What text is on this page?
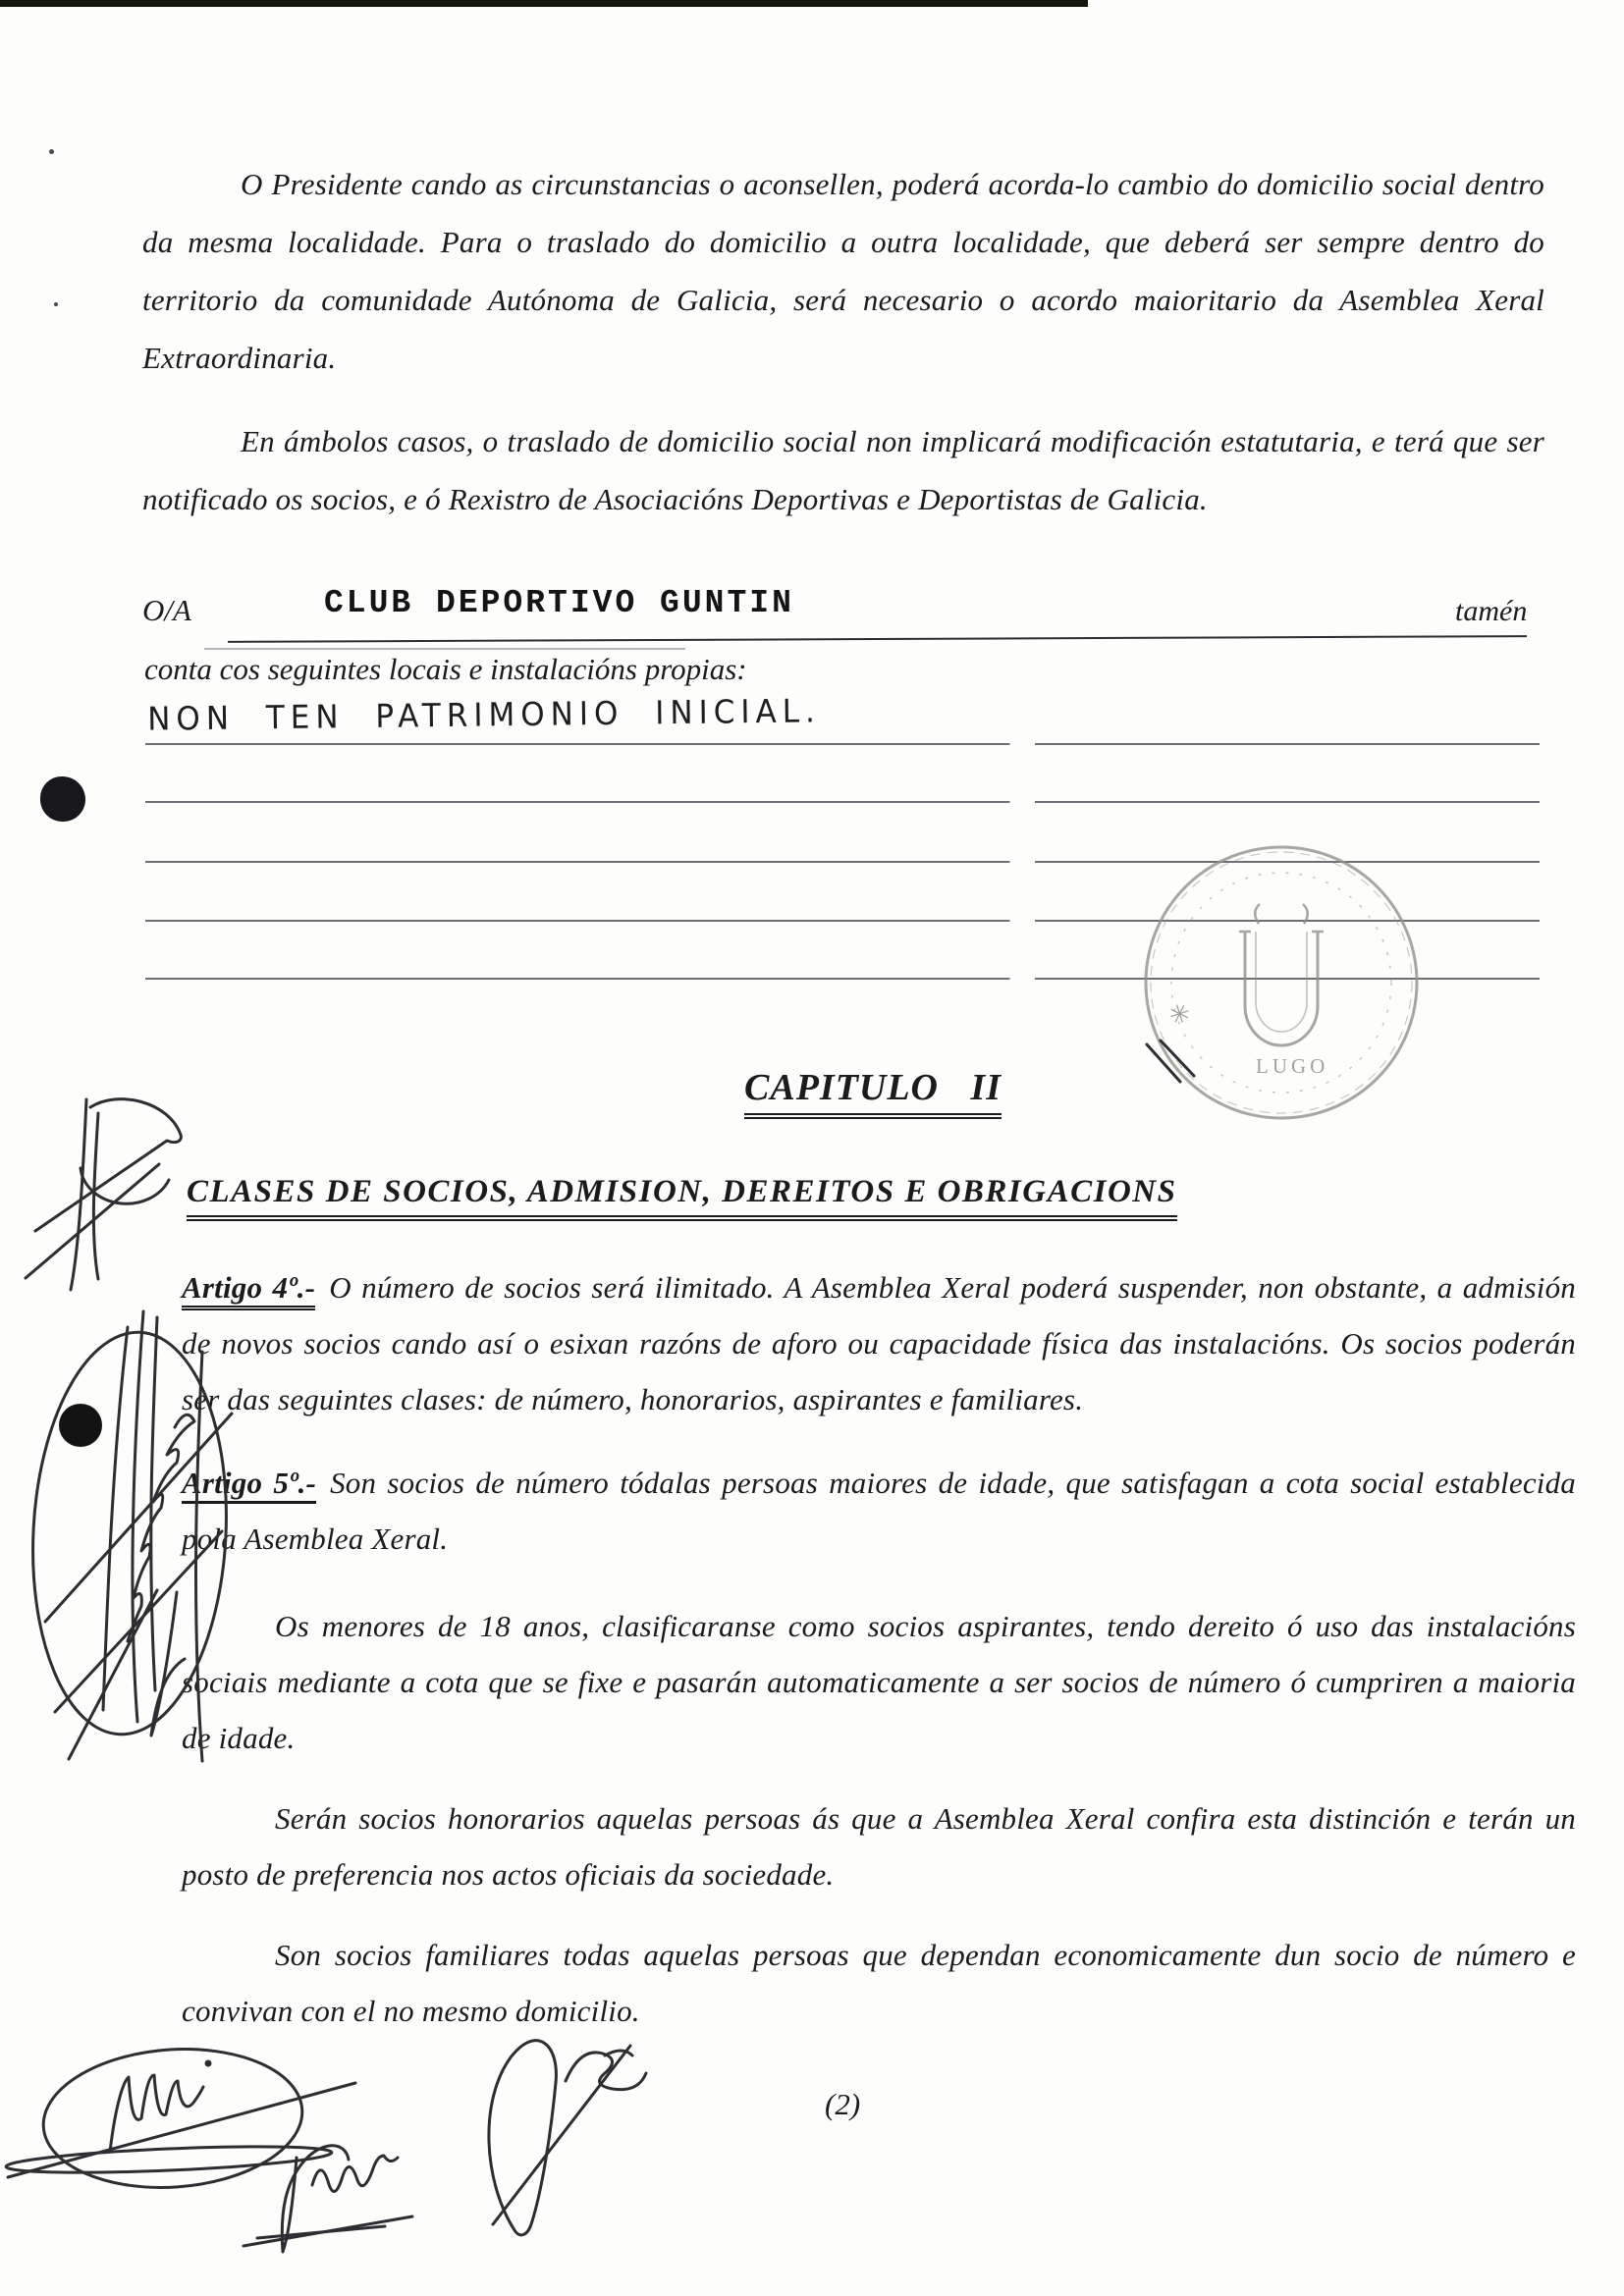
O Presidente cando as circunstancias o aconsellen, poderá acorda-lo cambio do domicilio social dentro da mesma localidade. Para o traslado do domicilio a outra localidade, que deberá ser sempre dentro do territorio da comunidade Autónoma de Galicia, será necesario o acordo maioritario da Asemblea Xeral Extraordinaria.
En ámbolos casos, o traslado de domicilio social non implicará modificación estatutaria, e terá que ser notificado os socios, e ó Rexistro de Asociacións Deportivas e Deportistas de Galicia.
O/A	CLUB DEPORTIVO GUNTIN	tamén
conta cos seguintes locais e instalacións propias:
NON TEN PATRIMONIO INICIAL.
✳
LUGO
CAPITULO II
CLASES DE SOCIOS, ADMISION, DEREITOS E OBRIGACIONS
Artigo 4º.- O número de socios será ilimitado. A Asemblea Xeral poderá suspender, non obstante, a admisión de novos socios cando así o esixan razóns de aforo ou capacidade física das instalacións. Os socios poderán ser das seguintes clases: de número, honorarios, aspirantes e familiares.
Artigo 5º.- Son socios de número tódalas persoas maiores de idade, que satisfagan a cota social establecida pola Asemblea Xeral.
Os menores de 18 anos, clasificaranse como socios aspirantes, tendo dereito ó uso das instalacións sociais mediante a cota que se fixe e pasarán automaticamente a ser socios de número ó cumpriren a maioria de idade.
Serán socios honorarios aquelas persoas ás que a Asemblea Xeral confira esta distinción e terán un posto de preferencia nos actos oficiais da sociedade.
Son socios familiares todas aquelas persoas que dependan economicamente dun socio de número e convivan con el no mesmo domicilio.
(2)
